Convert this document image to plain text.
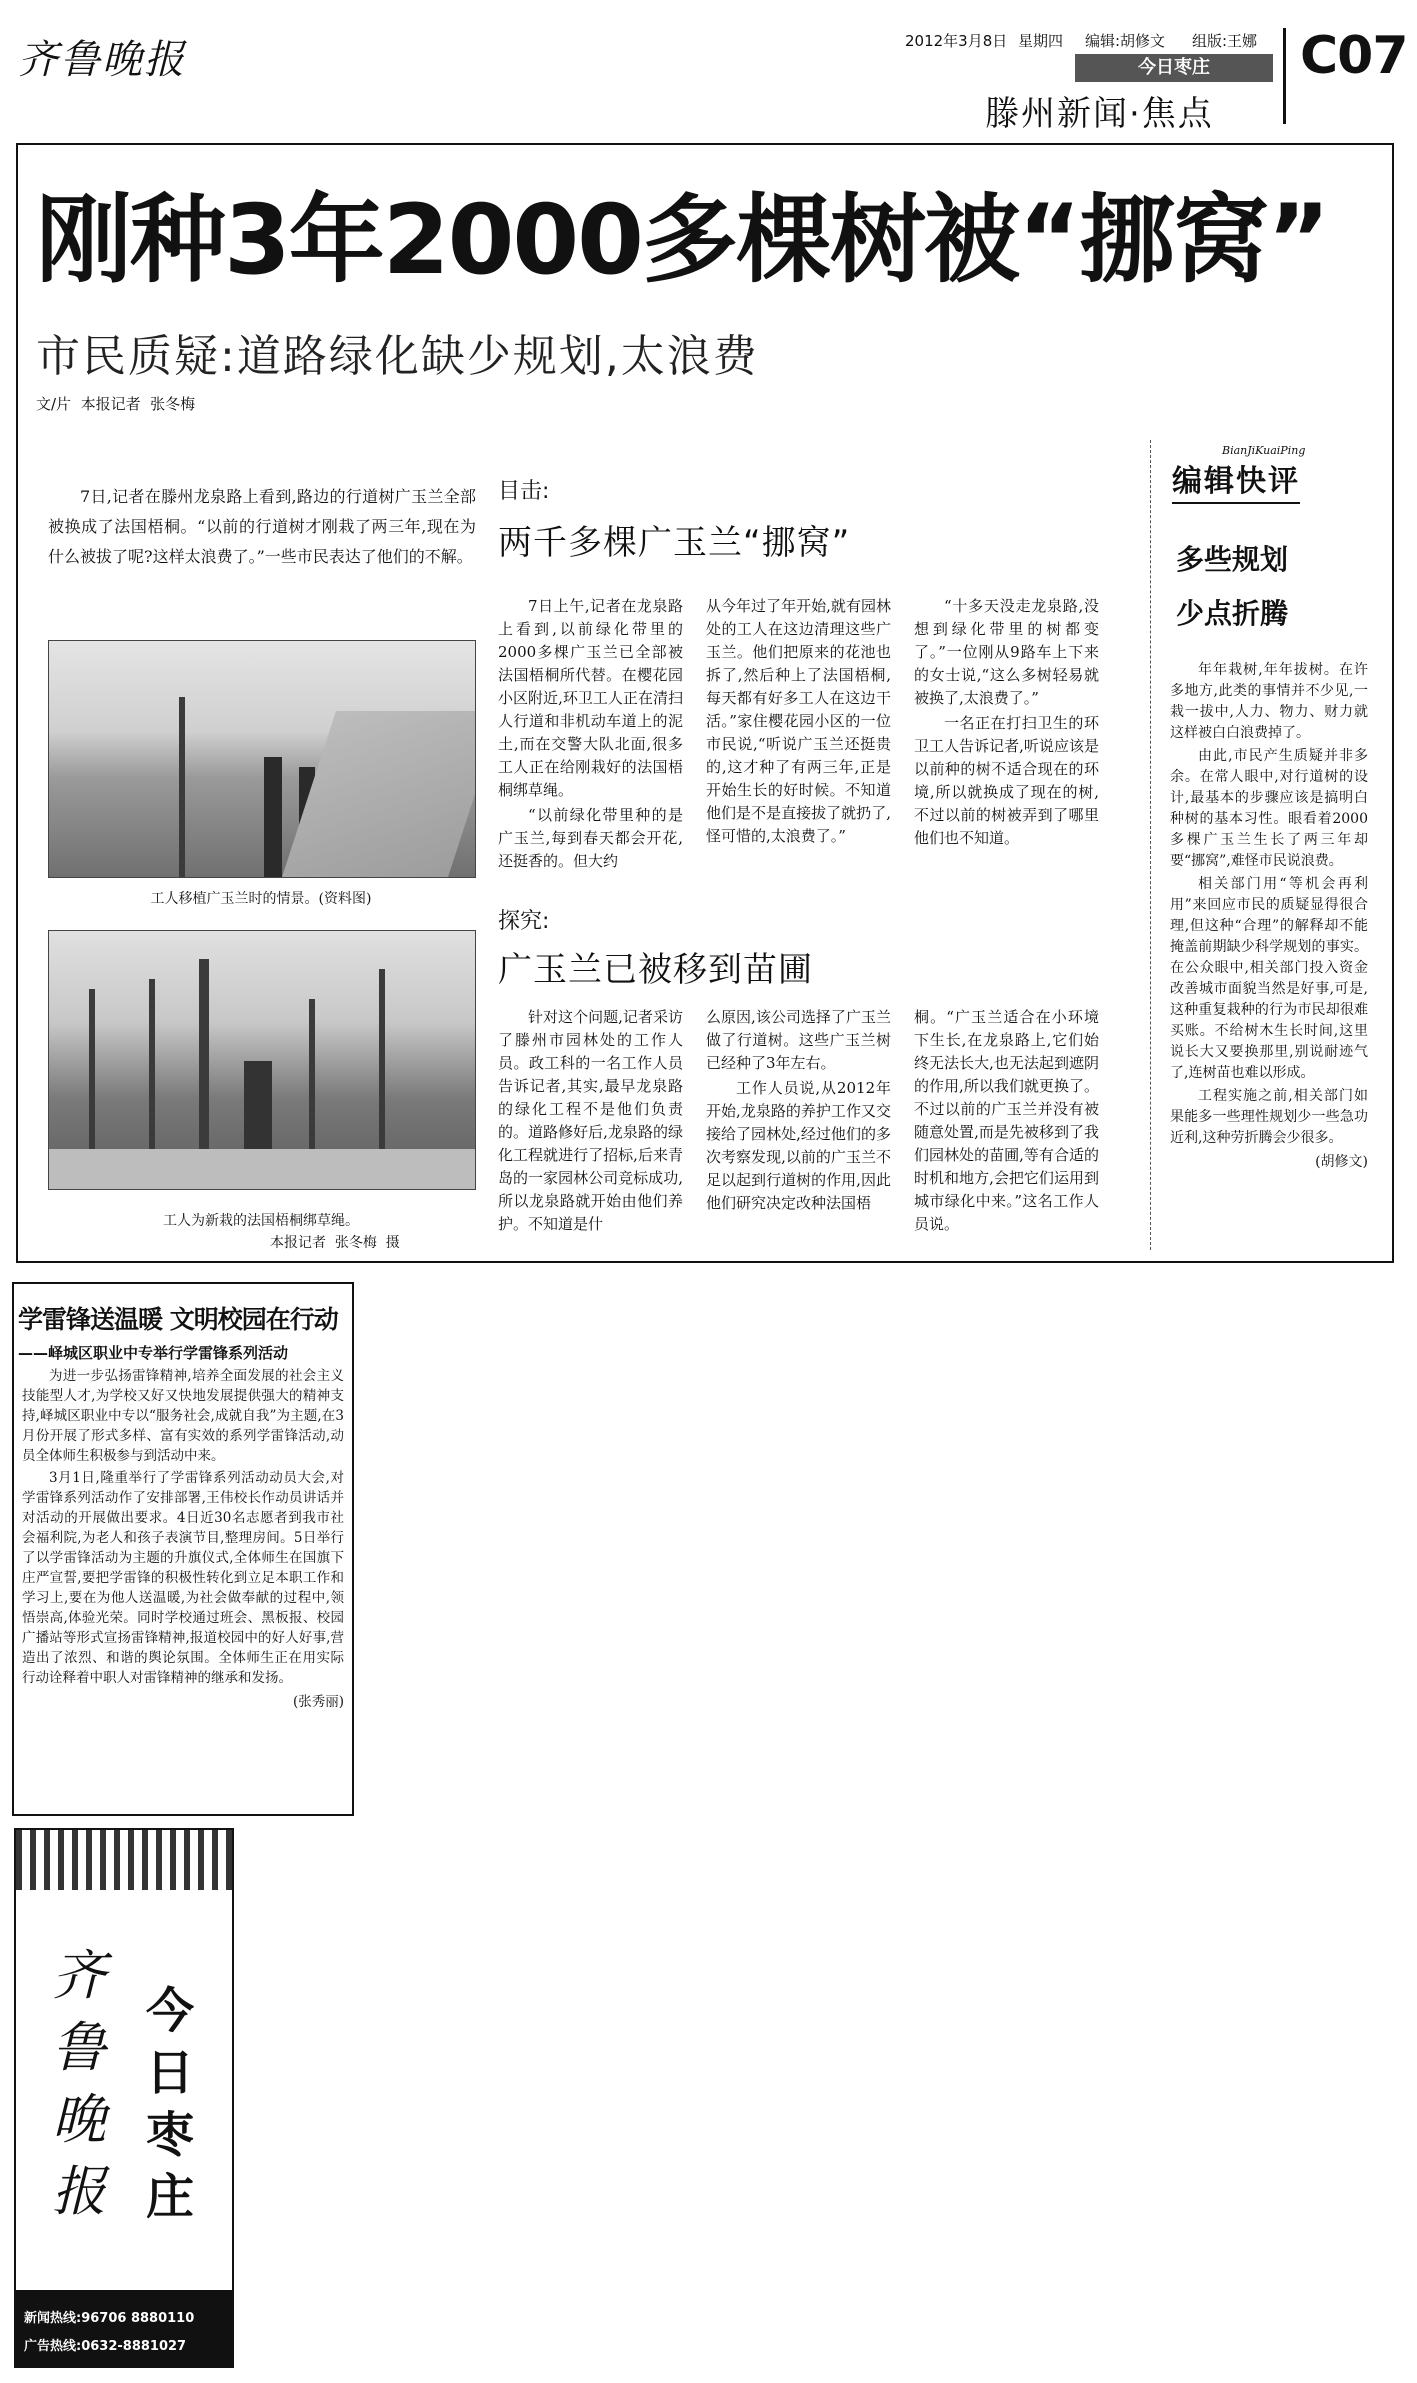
齐鲁晚报	2012年3月8日 星期四 编辑:胡修文 组版:王娜
今日枣庄
滕州新闻·焦点
C07
刚种3年2000多棵树被“挪窝”
市民质疑:道路绿化缺少规划,太浪费
文/片  本报记者  张冬梅

7日,记者在滕州龙泉路上看到,路边的行道树广玉兰全部被换成了法国梧桐。“以前的行道树才刚栽了两三年,现在为什么被拔了呢?这样太浪费了。”一些市民表达了他们的不解。

工人移植广玉兰时的情景。(资料图)
工人为新栽的法国梧桐绑草绳。
本报记者  张冬梅  摄
目击:
两千多棵广玉兰“挪窝”

7日上午,记者在龙泉路上看到,以前绿化带里的2000多棵广玉兰已全部被法国梧桐所代替。在樱花园小区附近,环卫工人正在清扫人行道和非机动车道上的泥土,而在交警大队北面,很多工人正在给刚栽好的法国梧桐绑草绳。

“以前绿化带里种的是广玉兰,每到春天都会开花,还挺香的。但大约

从今年过了年开始,就有园林处的工人在这边清理这些广玉兰。他们把原来的花池也拆了,然后种上了法国梧桐,每天都有好多工人在这边干活。”家住樱花园小区的一位市民说,“听说广玉兰还挺贵的,这才种了有两三年,正是开始生长的好时候。不知道他们是不是直接拔了就扔了,怪可惜的,太浪费了。”

“十多天没走龙泉路,没想到绿化带里的树都变了。”一位刚从9路车上下来的女士说,“这么多树轻易就被换了,太浪费了。”

一名正在打扫卫生的环卫工人告诉记者,听说应该是以前种的树不适合现在的环境,所以就换成了现在的树,不过以前的树被弄到了哪里他们也不知道。

探究:
广玉兰已被移到苗圃

针对这个问题,记者采访了滕州市园林处的工作人员。政工科的一名工作人员告诉记者,其实,最早龙泉路的绿化工程不是他们负责的。道路修好后,龙泉路的绿化工程就进行了招标,后来青岛的一家园林公司竞标成功,所以龙泉路就开始由他们养护。不知道是什

么原因,该公司选择了广玉兰做了行道树。这些广玉兰树已经种了3年左右。

工作人员说,从2012年开始,龙泉路的养护工作又交接给了园林处,经过他们的多次考察发现,以前的广玉兰不足以起到行道树的作用,因此他们研究决定改种法国梧

桐。“广玉兰适合在小环境下生长,在龙泉路上,它们始终无法长大,也无法起到遮阴的作用,所以我们就更换了。不过以前的广玉兰并没有被随意处置,而是先被移到了我们园林处的苗圃,等有合适的时机和地方,会把它们运用到城市绿化中来。”这名工作人员说。

BianJiKuaiPing
编辑快评
多些规划
少点折腾

年年栽树,年年拔树。在许多地方,此类的事情并不少见,一栽一拔中,人力、物力、财力就这样被白白浪费掉了。

由此,市民产生质疑并非多余。在常人眼中,对行道树的设计,最基本的步骤应该是搞明白种树的基本习性。眼看着2000多棵广玉兰生长了两三年却要“挪窝”,难怪市民说浪费。

相关部门用“等机会再利用”来回应市民的质疑显得很合理,但这种“合理”的解释却不能掩盖前期缺少科学规划的事实。在公众眼中,相关部门投入资金改善城市面貌当然是好事,可是,这种重复栽种的行为市民却很难买账。不给树木生长时间,这里说长大又要换那里,别说耐迹气了,连树苗也难以形成。

工程实施之前,相关部门如果能多一些理性规划少一些急功近利,这种劳折腾会少很多。

(胡修文)
学雷锋送温暖 文明校园在行动
——峄城区职业中专举行学雷锋系列活动

为进一步弘扬雷锋精神,培养全面发展的社会主义技能型人才,为学校又好又快地发展提供强大的精神支持,峄城区职业中专以“服务社会,成就自我”为主题,在3月份开展了形式多样、富有实效的系列学雷锋活动,动员全体师生积极参与到活动中来。

3月1日,隆重举行了学雷锋系列活动动员大会,对学雷锋系列活动作了安排部署,王伟校长作动员讲话并对活动的开展做出要求。4日近30名志愿者到我市社会福利院,为老人和孩子表演节目,整理房间。5日举行了以学雷锋活动为主题的升旗仪式,全体师生在国旗下庄严宣誓,要把学雷锋的积极性转化到立足本职工作和学习上,要在为他人送温暖,为社会做奉献的过程中,领悟崇高,体验光荣。同时学校通过班会、黑板报、校园广播站等形式宣扬雷锋精神,报道校园中的好人好事,营造出了浓烈、和谐的舆论氛围。全体师生正在用实际行动诠释着中职人对雷锋精神的继承和发扬。

(张秀丽)
齐鲁晚报
今日枣庄
新闻热线:96706 8880110
广告热线:0632-8881027
